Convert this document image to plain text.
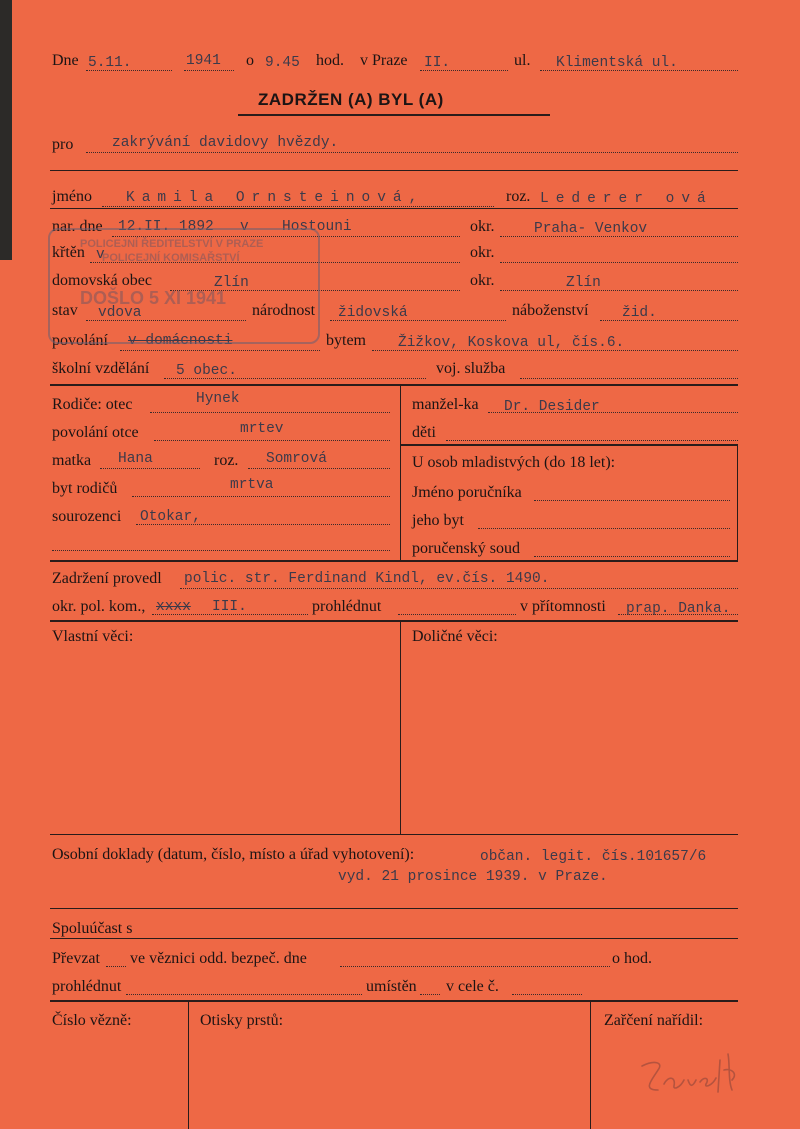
Dne 5.11.	1941 o 9.45 hod. v Praze II.	ul. Klimentská ul.
ZADRŽEN (A) BYL (A)
pro	zakrývání davidovy hvězdy.
jméno Kamila Ornsteinová,	roz. Lederer ová
nar. dne 12.II. 1892 v Hostouni	okr.	Praha- Venkov
křtěn v	okr.
domovská obec	Zlín	okr.	Zlín
stav vdova	národnost židovská	náboženství žid.
povolání v domácnosti	bytem Žižkov, Koskova ul, čís.6.
školní vzdělání 5 obec.	voj. služba
POLICEJNÍ ŘEDITELSTVÍ V PRAZE
POLICEJNÍ KOMISAŘSTVÍ
DOŠLO 5 XI 1941
Rodiče: otec	Hynek
povolání otce	mrtev
matka Hana	roz. Somrová
byt rodičů	mrtva
sourozenci Otokar,
manžel-ka Dr. Desider
děti
U osob mladistvých (do 18 let):
Jméno poručníka
jeho byt
poručenský soud
Zadržení provedl polic. str. Ferdinand Kindl, ev.čís. 1490.
okr. pol. kom., xxxx III.	prohlédnut	v přítomnosti prap. Danka.
Vlastní věci:	Doličné věci:
Osobní doklady (datum, číslo, místo a úřad vyhotovení):	občan. legit. čís.101657/6
vyd. 21 prosince 1939. v Praze.
Spoluúčast s
Převzat ve věznici odd. bezpeč. dne	o hod.
prohlédnut	umístěn v cele č.
Číslo vězně:	Otisky prstů:	Zařčení nařídil:
